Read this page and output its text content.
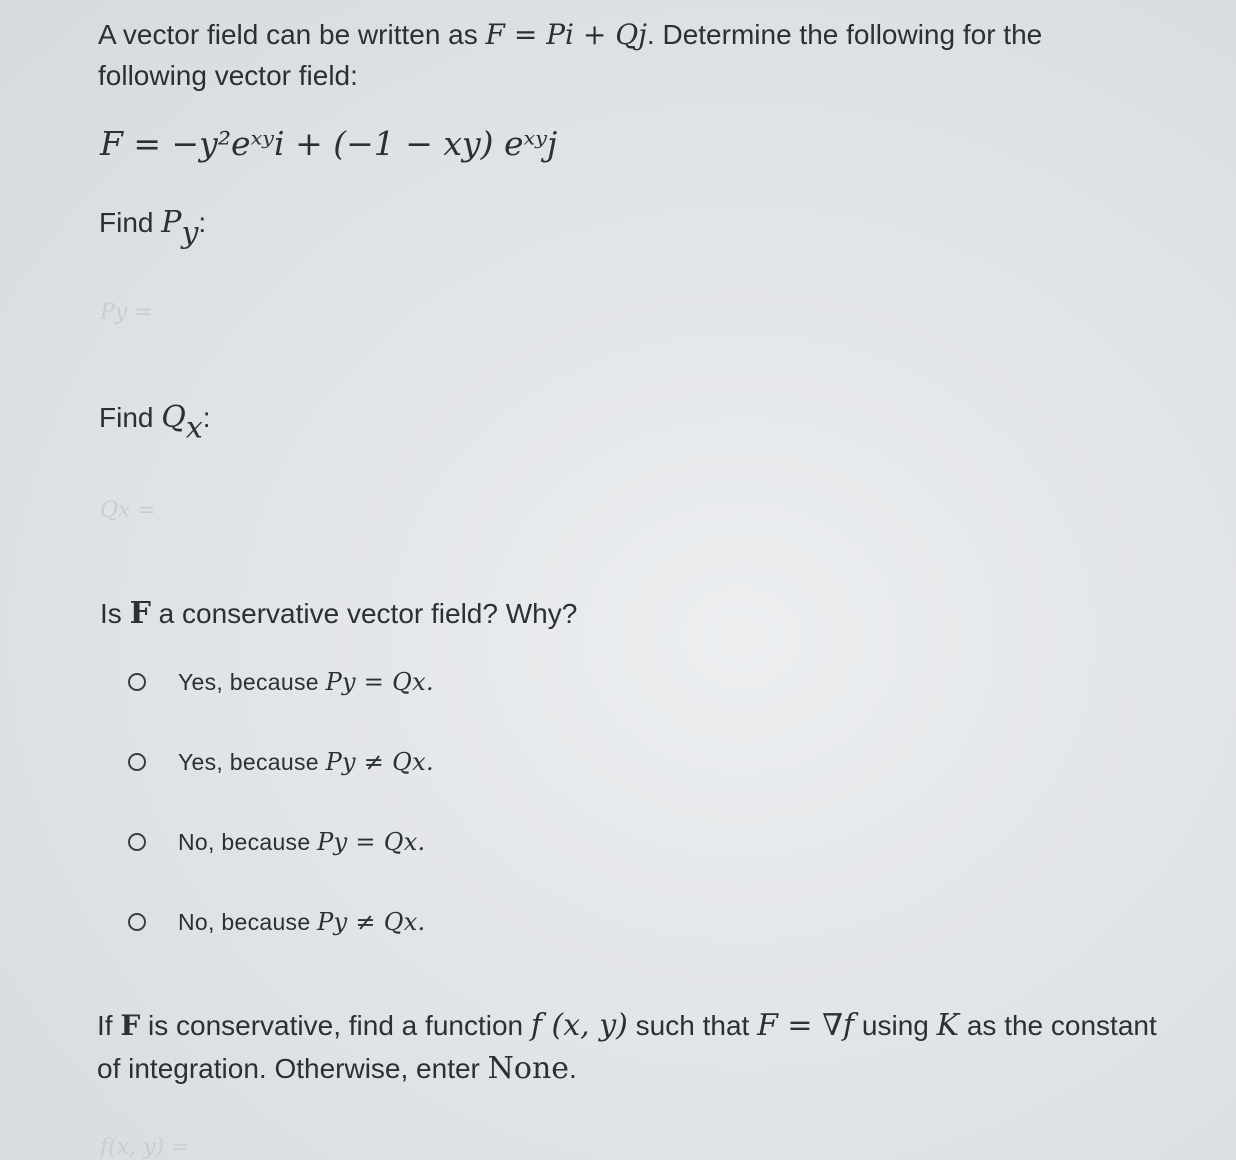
A vector field can be written as F = Pi + Qj. Determine the following for the following vector field:
F = −y²eˣʸi + (−1 − xy) eˣʸj
Find Py:
Py =
Find Qx:
Qx =
Is F a conservative vector field? Why?
Yes, because Py = Qx.
Yes, because Py ≠ Qx.
No, because Py = Qx.
No, because Py ≠ Qx.
If F is conservative, find a function f (x, y) such that F = ∇f using K as the constant of integration. Otherwise, enter None.
f(x, y) =
